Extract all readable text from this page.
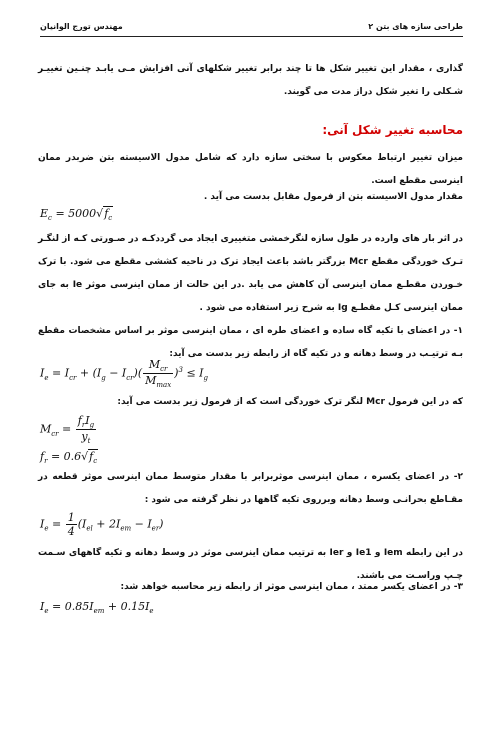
طراحی سازه های بتن ۲
مهندس تورج الوانیان
گذاری ، مقدار این تغییر شکل ها تا چند برابر تغییر شکلهای آنی افزایش مـی یابـد چنـین تغییـر شـکلی را تغیر شکل دراز مدت می گویند.
محاسبه تغییر شکل آنی:
میزان تغییر ارتباط معکوس با سختی سازه دارد که شامل مدول الاسیسته بتن ضربدر ممان اینرسی مقطع است.
مقدار مدول الاسیسته بتن از فرمول مقابل بدست می آید .
$E_c = 5000√f_c$
در اثر بار های وارده در طول سازه لنگرخمشی متغییری ایجاد می گرددکـه در صـورتی کـه از لنگـر تـرک خوردگی مقطع Mcr بزرگتر باشد باعث ایجاد ترک در ناحیه کششی مقطع می شود. با ترک خـوردن مقطـع ممان اینرسی آن کاهش می یابد .در این حالت از ممان اینرسی موثر Ie به جای ممان اینرسی کـل مقطـع Ig به شرح زیر استفاده می شود .
۱- در اعضای با تکیه گاه ساده و اعضای طره ای ، ممان اینرسی موثر بر اساس مشخصات مقطع بـه ترتیـب در وسط دهانه و در تکیه گاه از رابطه زیر بدست می آید:
$I_e = I_{cr} + (I_g - I_{cr})( \frac{M_{cr}}{M_{max}} )^3 \le I_g$
که در این فرمول Mcr لنگر ترک خوردگی است که از فرمول زیر بدست می آید:
$M_{cr} = \frac{f_rI_g}{y_t}$
$f_r = 0.6√f_c$
۲- در اعضای یکسره ، ممان اینرسی موثربرابر با مقدار متوسط ممان اینرسی موثر قطعه در مقـاطع بحرانـی وسط دهانه وبرروی تکیه گاهها در نظر گرفته می شود :
$I_e = \frac{1}{4} (I_{el} + 2I_{em} - I_{er})$
در این رابطه Iem و Ie1 و Ier به ترتیب ممان اینرسی موثر در وسط دهانه و تکیه گاههای سـمت چـپ وراسـت می باشند.
۳- در اعضای یکسر ممتد ، ممان اینرسی موثر از رابطه زیر محاسبه خواهد شد:
$I_e = 0.85I_{em} + 0.15I_e$
